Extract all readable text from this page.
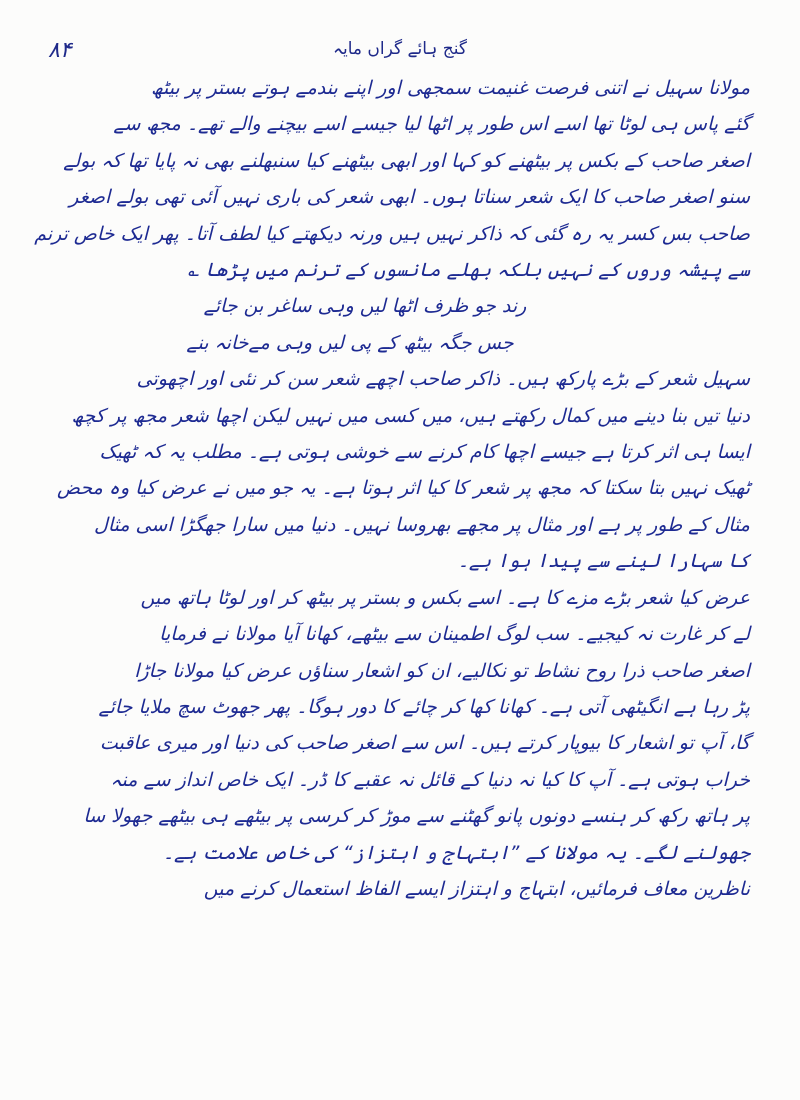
۸۴	گنج ہائے گراں مایہ
مولانا سہیل نے اتنی فرصت غنیمت سمجھی اور اپنے بندمے ہوتے بستر پر بیٹھ
گئے پاس ہی لوٹا تھا اسے اس طور پر اٹھا لیا جیسے اسے بیچنے والے تھے۔ مجھ سے
اصغر صاحب کے بکس پر بیٹھنے کو کہا اور ابھی بیٹھنے کیا سنبھلنے بھی نہ پایا تھا کہ بولے
سنو اصغر صاحب کا ایک شعر سناتا ہوں۔ ابھی شعر کی باری نہیں آئی تھی بولے اصغر
صاحب بس کسر یہ رہ گئی کہ ذاکر نہیں ہیں ورنہ دیکھتے کیا لطف آتا۔ پھر ایک خاص ترنم
سے پیشہ وروں کے نہیں بلکہ بھلے مانسوں کے ترنم میں پڑھا ؎
رند جو ظرف اٹھا لیں وہی ساغر بن جائے
جس جگہ بیٹھ کے پی لیں وہی مےخانہ بنے
سہیل شعر کے بڑے پارکھ ہیں۔ ذاکر صاحب اچھے شعر سن کر نئی اور اچھوتی
دنیا تیں بنا دینے میں کمال رکھتے ہیں، میں کسی میں نہیں لیکن اچھا شعر مجھ پر کچھ
ایسا ہی اثر کرتا ہے جیسے اچھا کام کرنے سے خوشی ہوتی ہے۔ مطلب یہ کہ ٹھیک
ٹھیک نہیں بتا سکتا کہ مجھ پر شعر کا کیا اثر ہوتا ہے۔ یہ جو میں نے عرض کیا وہ محض
مثال کے طور پر ہے اور مثال پر مجھے بھروسا نہیں۔ دنیا میں سارا جھگڑا اسی مثال
کا سہارا لینے سے پیدا ہوا ہے۔
عرض کیا شعر بڑے مزے کا ہے۔ اسے بکس و بستر پر بیٹھ کر اور لوٹا ہاتھ میں
لے کر غارت نہ کیجیے۔ سب لوگ اطمینان سے بیٹھے، کھانا آیا مولانا نے فرمایا
اصغر صاحب ذرا روح نشاط تو نکالیے، ان کو اشعار سناؤں عرض کیا مولانا جاڑا
پڑ رہا ہے انگیٹھی آتی ہے۔ کھانا کھا کر چائے کا دور ہوگا۔ پھر جھوٹ سچ ملایا جائے
گا، آپ تو اشعار کا بیوپار کرتے ہیں۔ اس سے اصغر صاحب کی دنیا اور میری عاقبت
خراب ہوتی ہے۔ آپ کا کیا نہ دنیا کے قائل نہ عقبے کا ڈر۔ ایک خاص انداز سے منہ
پر ہاتھ رکھ کر ہنسے دونوں پانو گھٹنے سے موڑ کر کرسی پر بیٹھے ہی بیٹھے جھولا سا
جھولنے لگے۔ یہ مولانا کے ”ابتہاج و اہتزاز“ کی خاص علامت ہے۔
ناظرین معاف فرمائیں، ابتہاج و اہتزاز ایسے الفاظ استعمال کرنے میں
